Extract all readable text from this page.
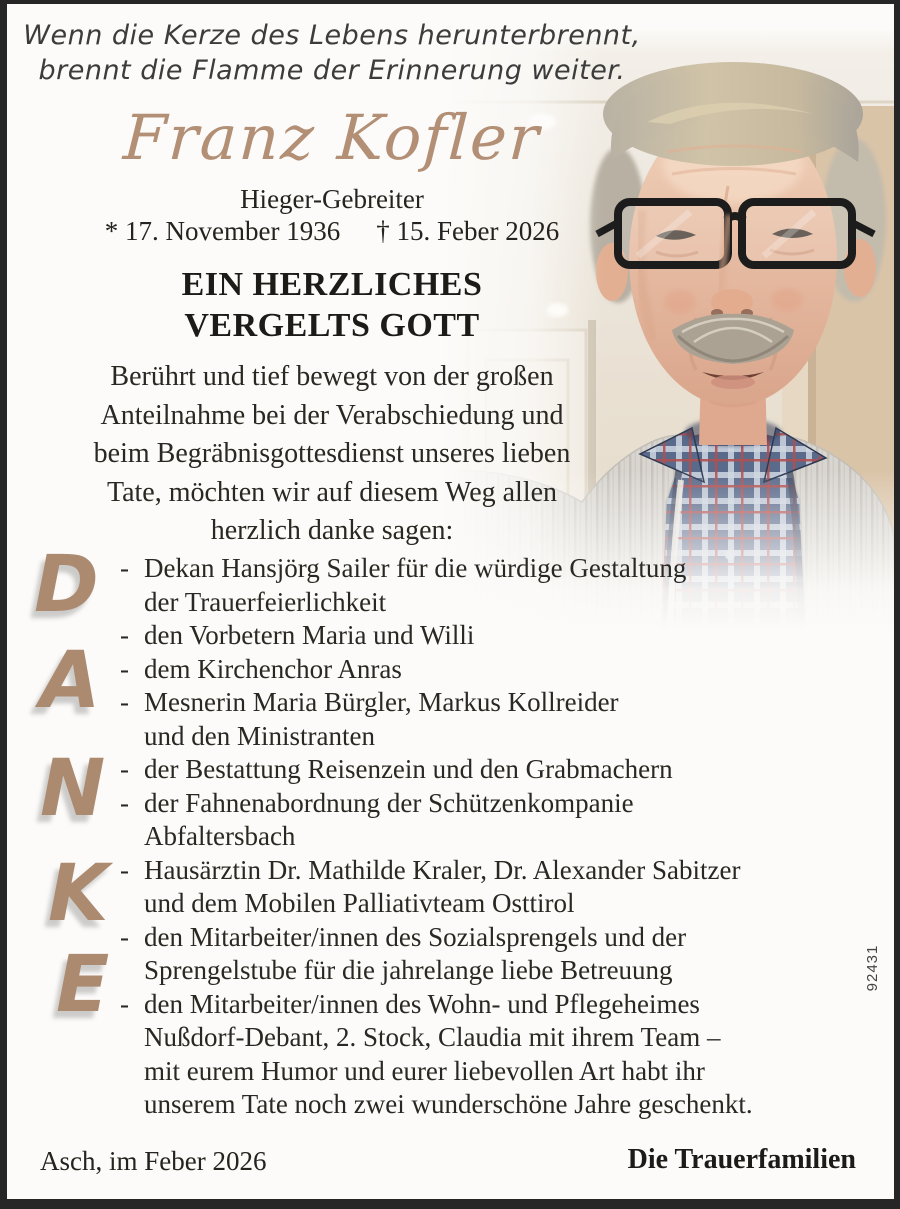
Wenn die Kerze des Lebens herunterbrennt,
brennt die Flamme der Erinnerung weiter.
Franz Kofler
Hieger-Gebreiter
* 17. November 1936 † 15. Feber 2026
EIN HERZLICHES
VERGELTS GOTT
Berührt und tief bewegt von der großen
Anteilnahme bei der Verabschiedung und
beim Begräbnisgottesdienst unseres lieben
Tate, möchten wir auf diesem Weg allen
herzlich danke sagen:
D
A
N
K
E
- Dekan Hansjörg Sailer für die würdige Gestaltung
der Trauerfeierlichkeit
- den Vorbetern Maria und Willi
- dem Kirchenchor Anras
- Mesnerin Maria Bürgler, Markus Kollreider
und den Ministranten
- der Bestattung Reisenzein und den Grabmachern
- der Fahnenabordnung der Schützenkompanie
Abfaltersbach
- Hausärztin Dr. Mathilde Kraler, Dr. Alexander Sabitzer
und dem Mobilen Palliativteam Osttirol
- den Mitarbeiter/innen des Sozialsprengels und der
Sprengelstube für die jahrelange liebe Betreuung
- den Mitarbeiter/innen des Wohn- und Pflegeheimes
Nußdorf-Debant, 2. Stock, Claudia mit ihrem Team –
mit eurem Humor und eurer liebevollen Art habt ihr
unserem Tate noch zwei wunderschöne Jahre geschenkt.
Asch, im Feber 2026	Die Trauerfamilien
92431
